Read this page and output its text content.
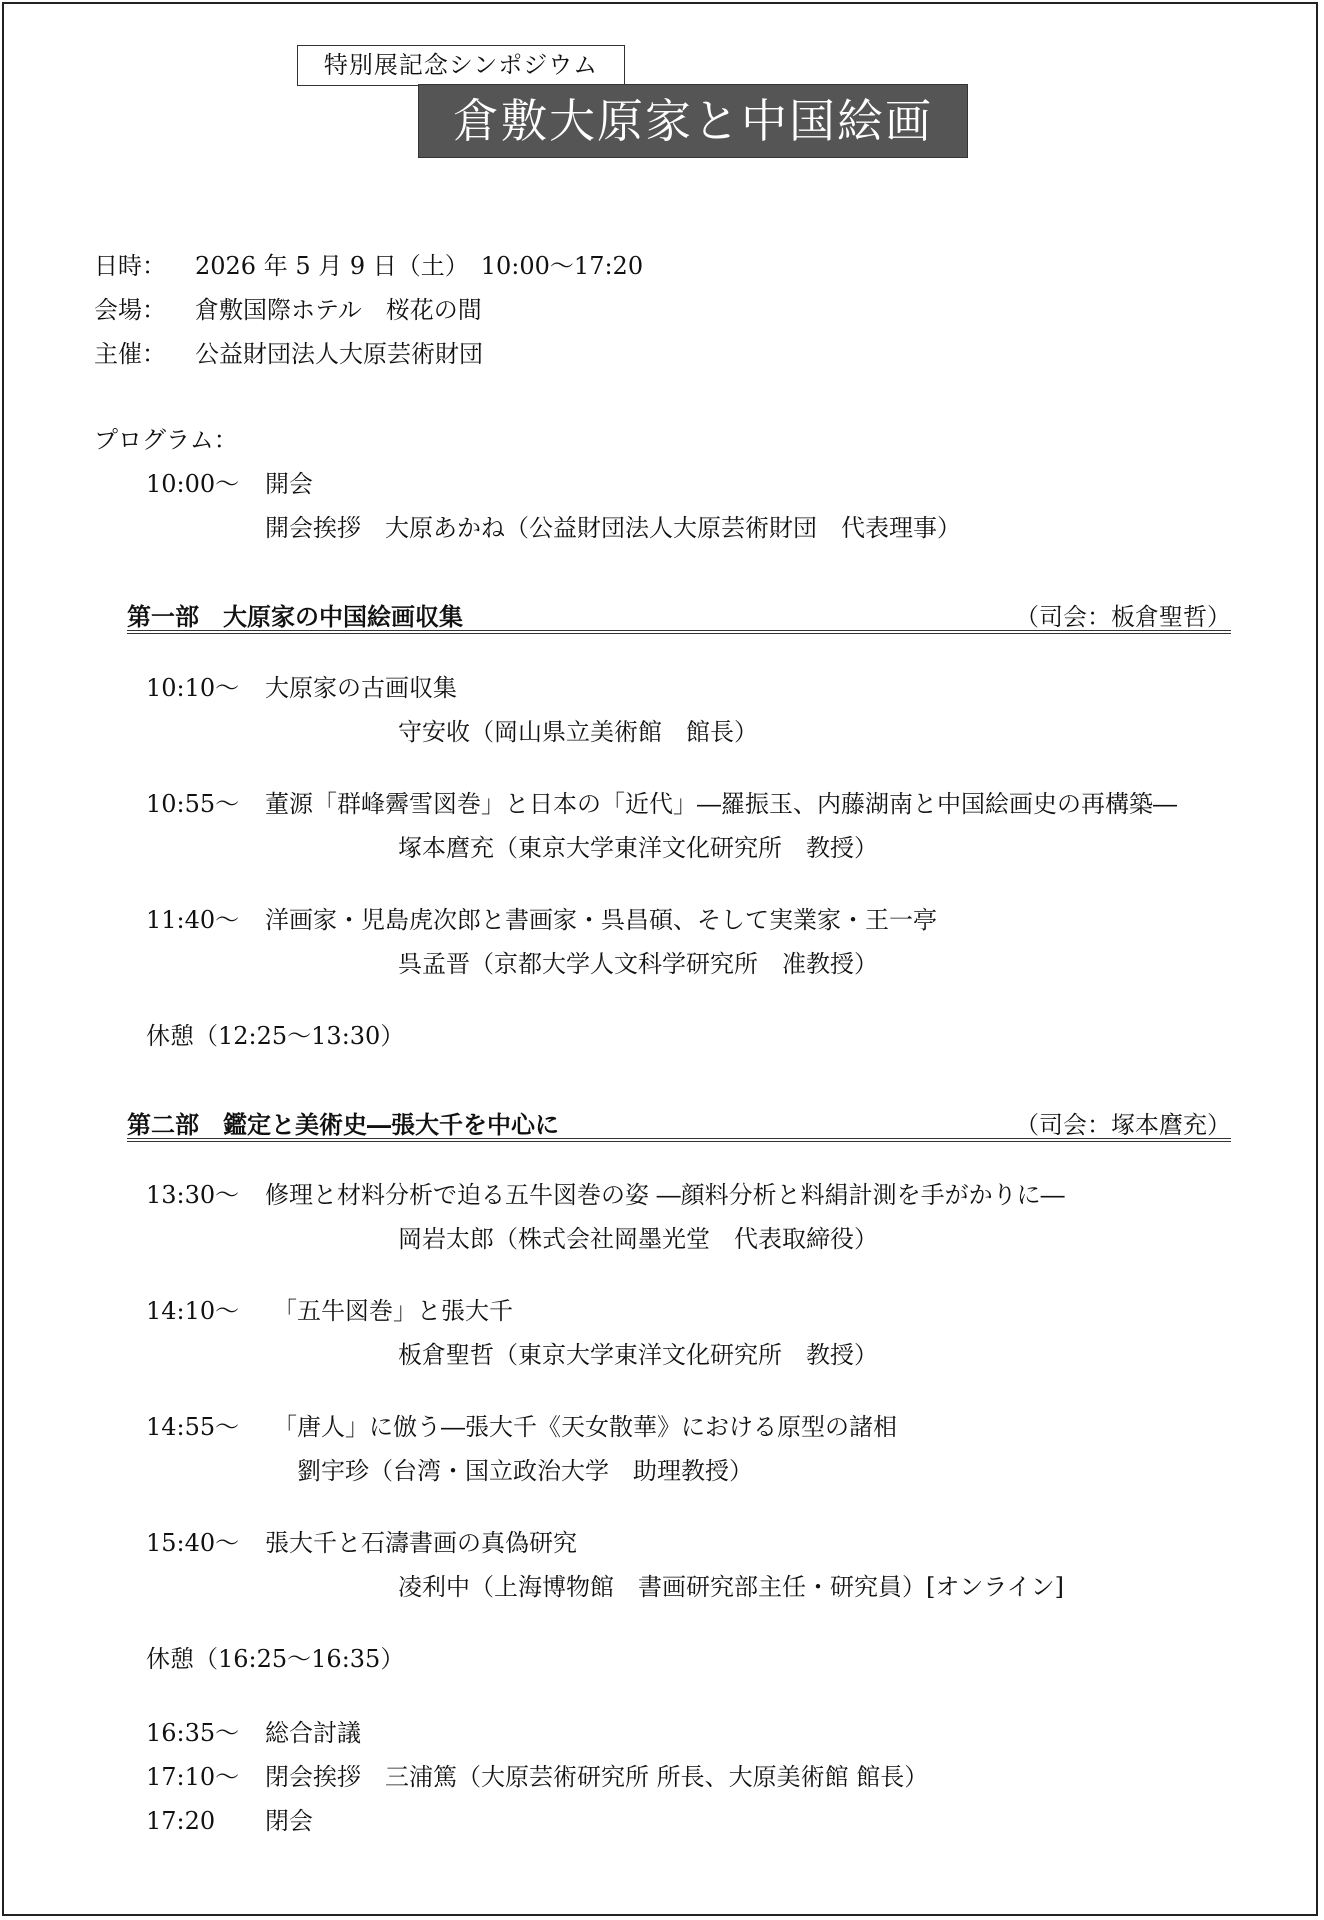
特別展記念シンポジウム
倉敷大原家と中国絵画
日時： 2026 年 5 月 9 日（土）　10:00〜17:20
会場： 倉敷国際ホテル　桜花の間
主催： 公益財団法人大原芸術財団
プログラム：
10:00〜 開会
開会挨拶　大原あかね（公益財団法人大原芸術財団　代表理事）
第一部　大原家の中国絵画収集	（司会：板倉聖哲）
10:10〜 大原家の古画収集
守安收（岡山県立美術館　館長）
10:55〜 董源「群峰霽雪図巻」と日本の「近代」―羅振玉、内藤湖南と中国絵画史の再構築―
塚本麿充（東京大学東洋文化研究所　教授）
11:40〜 洋画家・児島虎次郎と書画家・呉昌碩、そして実業家・王一亭
呉孟晋（京都大学人文科学研究所　准教授）
休憩（12:25〜13:30）
第二部　鑑定と美術史―張大千を中心に	（司会：塚本麿充）
13:30〜 修理と材料分析で迫る五牛図巻の姿 ―顔料分析と料絹計測を手がかりに―
岡岩太郎（株式会社岡墨光堂　代表取締役）
14:10〜 「五牛図巻」と張大千
板倉聖哲（東京大学東洋文化研究所　教授）
14:55〜 「唐人」に倣う―張大千《天女散華》における原型の諸相
劉宇珍（台湾・国立政治大学　助理教授）
15:40〜 張大千と石濤書画の真偽研究
凌利中（上海博物館　書画研究部主任・研究員）[オンライン]
休憩（16:25〜16:35）
16:35〜 総合討議
17:10〜 閉会挨拶　三浦篤（大原芸術研究所 所長、大原美術館 館長）
17:20 閉会
